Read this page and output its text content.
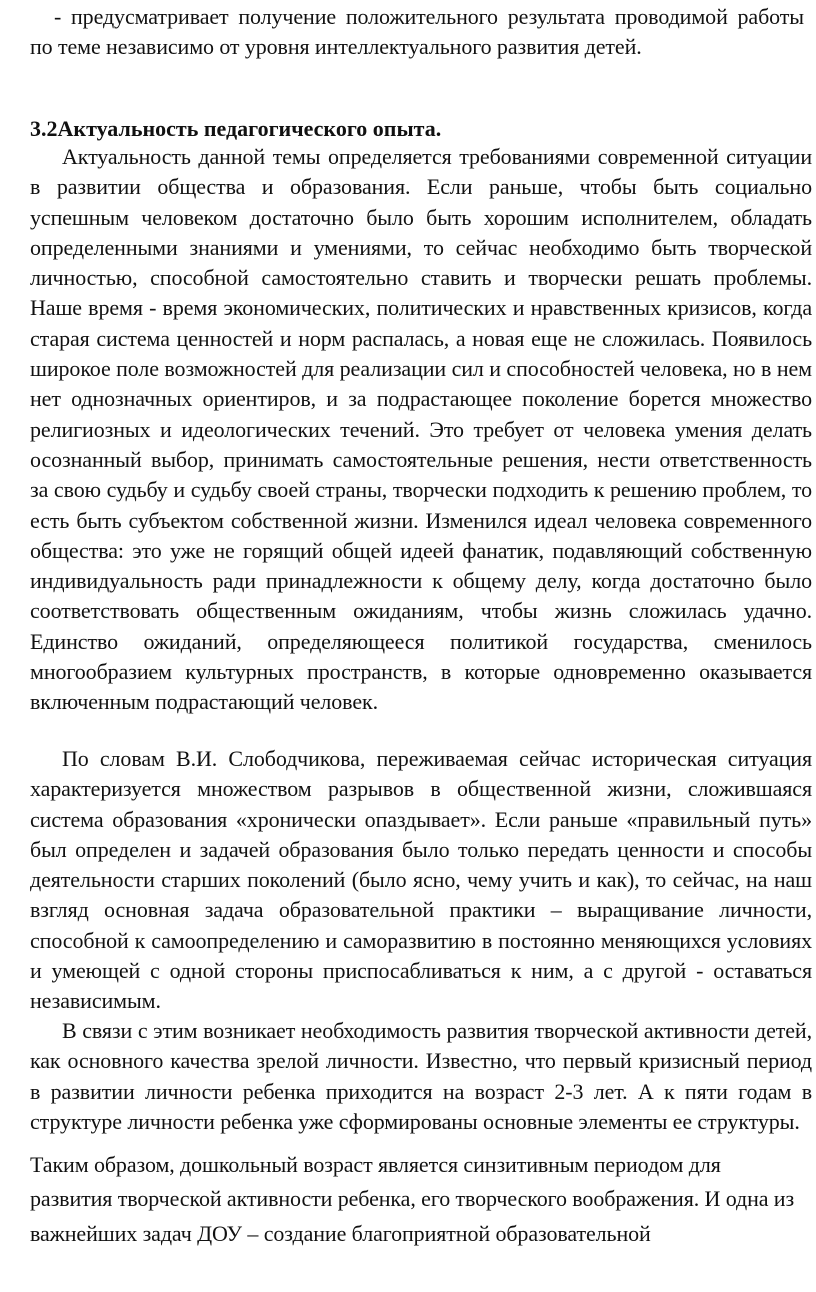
- предусматривает получение положительного результата проводимой работы по теме независимо от уровня интеллектуального развития детей.

3.2Актуальность педагогического опыта.

Актуальность данной темы определяется требованиями современной ситуации в развитии общества и образования. Если раньше, чтобы быть социально успешным человеком достаточно было быть хорошим исполнителем, обладать определенными знаниями и умениями, то сейчас необходимо быть творческой личностью, способной самостоятельно ставить и творчески решать проблемы. Наше время - время экономических, политических и нравственных кризисов, когда старая система ценностей и норм распалась, а новая еще не сложилась. Появилось широкое поле возможностей для реализации сил и способностей человека, но в нем нет однозначных ориентиров, и за подрастающее поколение борется множество религиозных и идеологических течений. Это требует от человека умения делать осознанный выбор, принимать самостоятельные решения, нести ответственность за свою судьбу и судьбу своей страны, творчески подходить к решению проблем, то есть быть субъектом собственной жизни. Изменился идеал человека современного общества: это уже не горящий общей идеей фанатик, подавляющий собственную индивидуальность ради принадлежности к общему делу, когда достаточно было соответствовать общественным ожиданиям, чтобы жизнь сложилась удачно. Единство ожиданий, определяющееся политикой государства, сменилось многообразием культурных пространств, в которые одновременно оказывается включенным подрастающий человек.

По словам В.И. Слободчикова, переживаемая сейчас историческая ситуация характеризуется множеством разрывов в общественной жизни, сложившаяся система образования «хронически опаздывает». Если раньше «правильный путь» был определен и задачей образования было только передать ценности и способы деятельности старших поколений (было ясно, чему учить и как), то сейчас, на наш взгляд основная задача образовательной практики – выращивание личности, способной к самоопределению и саморазвитию в постоянно меняющихся условиях и умеющей с одной стороны приспосабливаться к ним, а с другой - оставаться независимым.

В связи с этим возникает необходимость развития творческой активности детей, как основного качества зрелой личности. Известно, что первый кризисный период в развитии личности ребенка приходится на возраст 2-3 лет. А к пяти годам в структуре личности ребенка уже сформированы основные элементы ее структуры.

Таким образом, дошкольный возраст является синзитивным периодом для развития творческой активности ребенка, его творческого воображения. И одна из важнейших задач ДОУ – создание благоприятной образовательной
